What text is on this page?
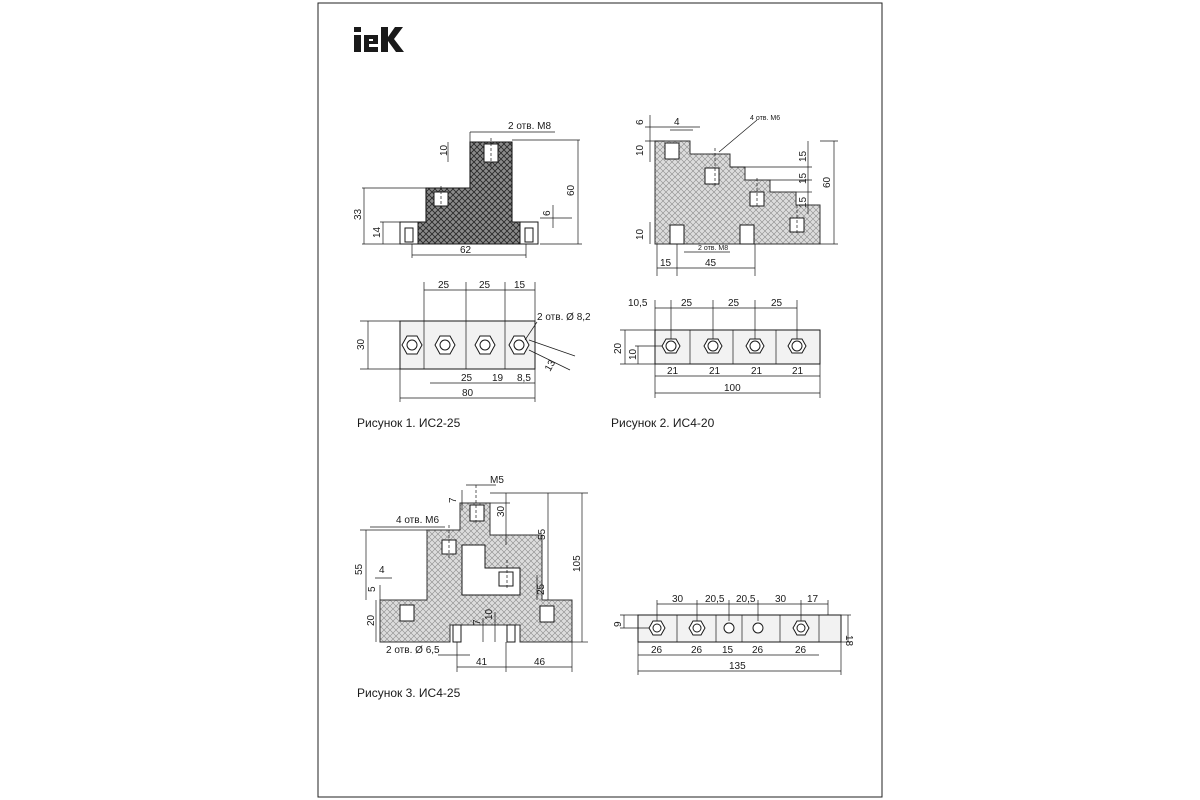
2 отв. М8
10
60
33
14
6
62
25	25 15
2 отв. Ø 8,2
30
25 19 8,5
13
80
Рисунок 1. ИС2-25
6	4	4 отв. М6
10
15
15
15
60
10
2 отв. М8
15	45
10,5	25	25	25
20
10
21	21	21	21
100
Рисунок 2. ИС4-20
М5
7
30
4 отв. М6
55
105
55 4
5	25
20	7
10
2 отв. Ø 6,5
41	46
Рисунок 3. ИС4-25
30 20,5 20,5 30 17
9
18
26	26 15 26	26
135
